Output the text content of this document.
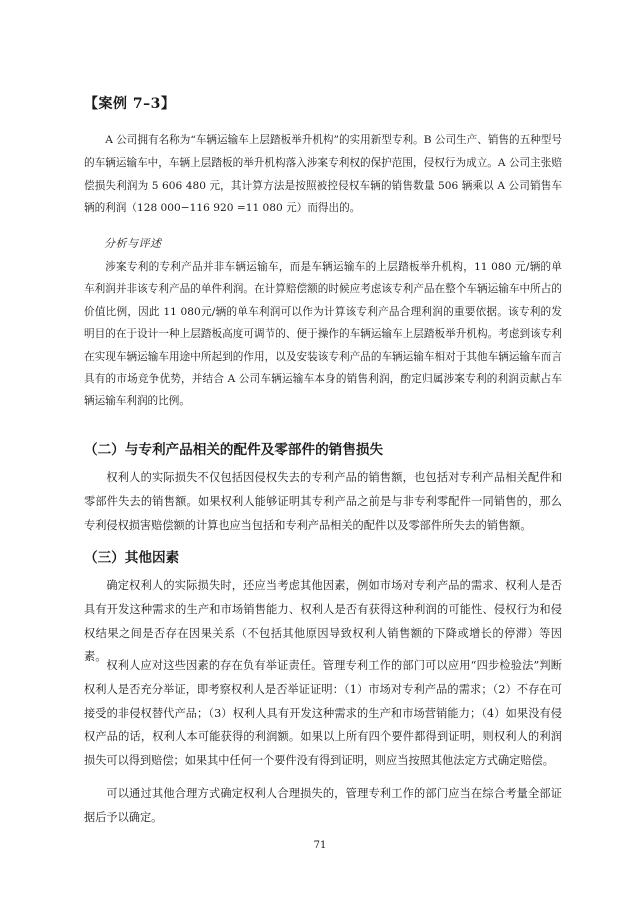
【案例 7–3】

A 公司拥有名称为“车辆运输车上层踏板举升机构”的实用新型专利。B 公司生产、销售的五种型号的车辆运输车中，车辆上层踏板的举升机构落入涉案专利权的保护范围，侵权行为成立。A 公司主张赔偿损失利润为 5 606 480 元，其计算方法是按照被控侵权车辆的销售数量 506 辆乘以 A 公司销售车辆的利润（128 000−116 920 =11 080 元）而得出的。

分析与评述

涉案专利的专利产品并非车辆运输车，而是车辆运输车的上层踏板举升机构，11 080 元/辆的单车利润并非该专利产品的单件利润。在计算赔偿额的时候应考虑该专利产品在整个车辆运输车中所占的价值比例，因此 11 080元/辆的单车利润可以作为计算该专利产品合理利润的重要依据。该专利的发明目的在于设计一种上层踏板高度可调节的、便于操作的车辆运输车上层踏板举升机构。考虑到该专利在实现车辆运输车用途中所起到的作用，以及安装该专利产品的车辆运输车相对于其他车辆运输车而言具有的市场竞争优势，并结合 A 公司车辆运输车本身的销售利润，酌定归属涉案专利的利润贡献占车辆运输车利润的比例。

（二）与专利产品相关的配件及零部件的销售损失

权利人的实际损失不仅包括因侵权失去的专利产品的销售额，也包括对专利产品相关配件和零部件失去的销售额。如果权利人能够证明其专利产品之前是与非专利零配件一同销售的，那么专利侵权损害赔偿额的计算也应当包括和专利产品相关的配件以及零部件所失去的销售额。

（三）其他因素

确定权利人的实际损失时，还应当考虑其他因素，例如市场对专利产品的需求、权利人是否具有开发这种需求的生产和市场销售能力、权利人是否有获得这种利润的可能性、侵权行为和侵权结果之间是否存在因果关系（不包括其他原因导致权利人销售额的下降或增长的停滞）等因素。

权利人应对这些因素的存在负有举证责任。管理专利工作的部门可以应用“四步检验法”判断权利人是否充分举证，即考察权利人是否举证证明：（1）市场对专利产品的需求；（2）不存在可接受的非侵权替代产品；（3）权利人具有开发这种需求的生产和市场营销能力；（4）如果没有侵权产品的话，权利人本可能获得的利润额。如果以上所有四个要件都得到证明，则权利人的利润损失可以得到赔偿；如果其中任何一个要件没有得到证明，则应当按照其他法定方式确定赔偿。

可以通过其他合理方式确定权利人合理损失的，管理专利工作的部门应当在综合考量全部证据后予以确定。

71
